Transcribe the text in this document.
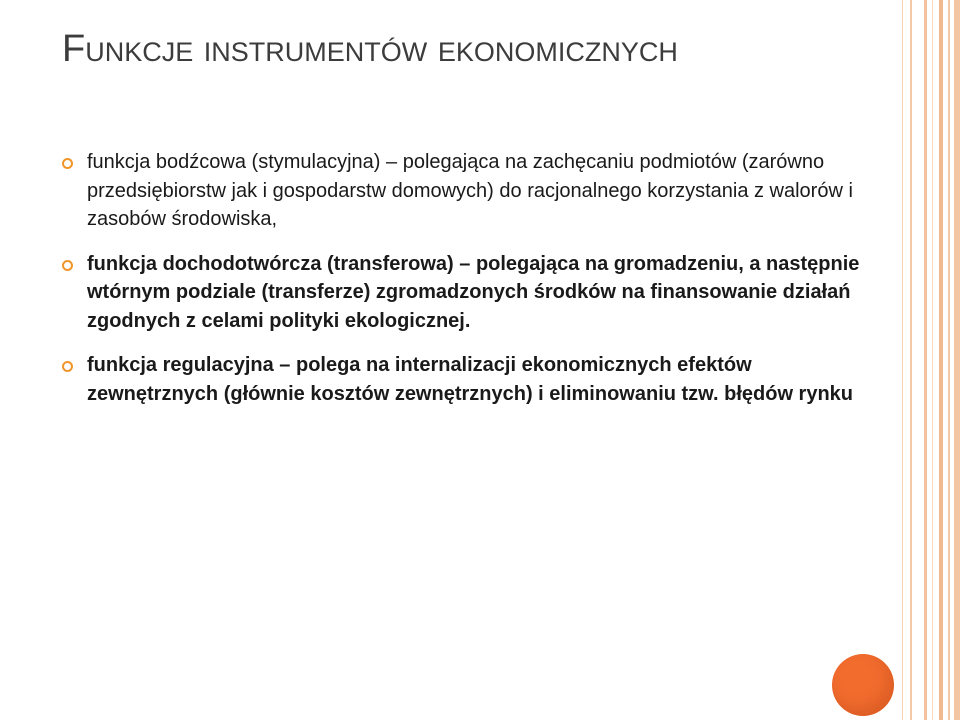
Funkcje instrumentów ekonomicznych
funkcja bodźcowa (stymulacyjna) – polegająca na zachęcaniu podmiotów (zarówno przedsiębiorstw jak i gospodarstw domowych) do racjonalnego korzystania z walorów i zasobów środowiska,
funkcja dochodotwórcza (transferowa) – polegająca na gromadzeniu, a następnie wtórnym podziale (transferze) zgromadzonych środków na finansowanie działań zgodnych z celami polityki ekologicznej.
funkcja regulacyjna – polega na internalizacji ekonomicznych efektów zewnętrznych (głównie kosztów zewnętrznych) i eliminowaniu tzw. błędów rynku
